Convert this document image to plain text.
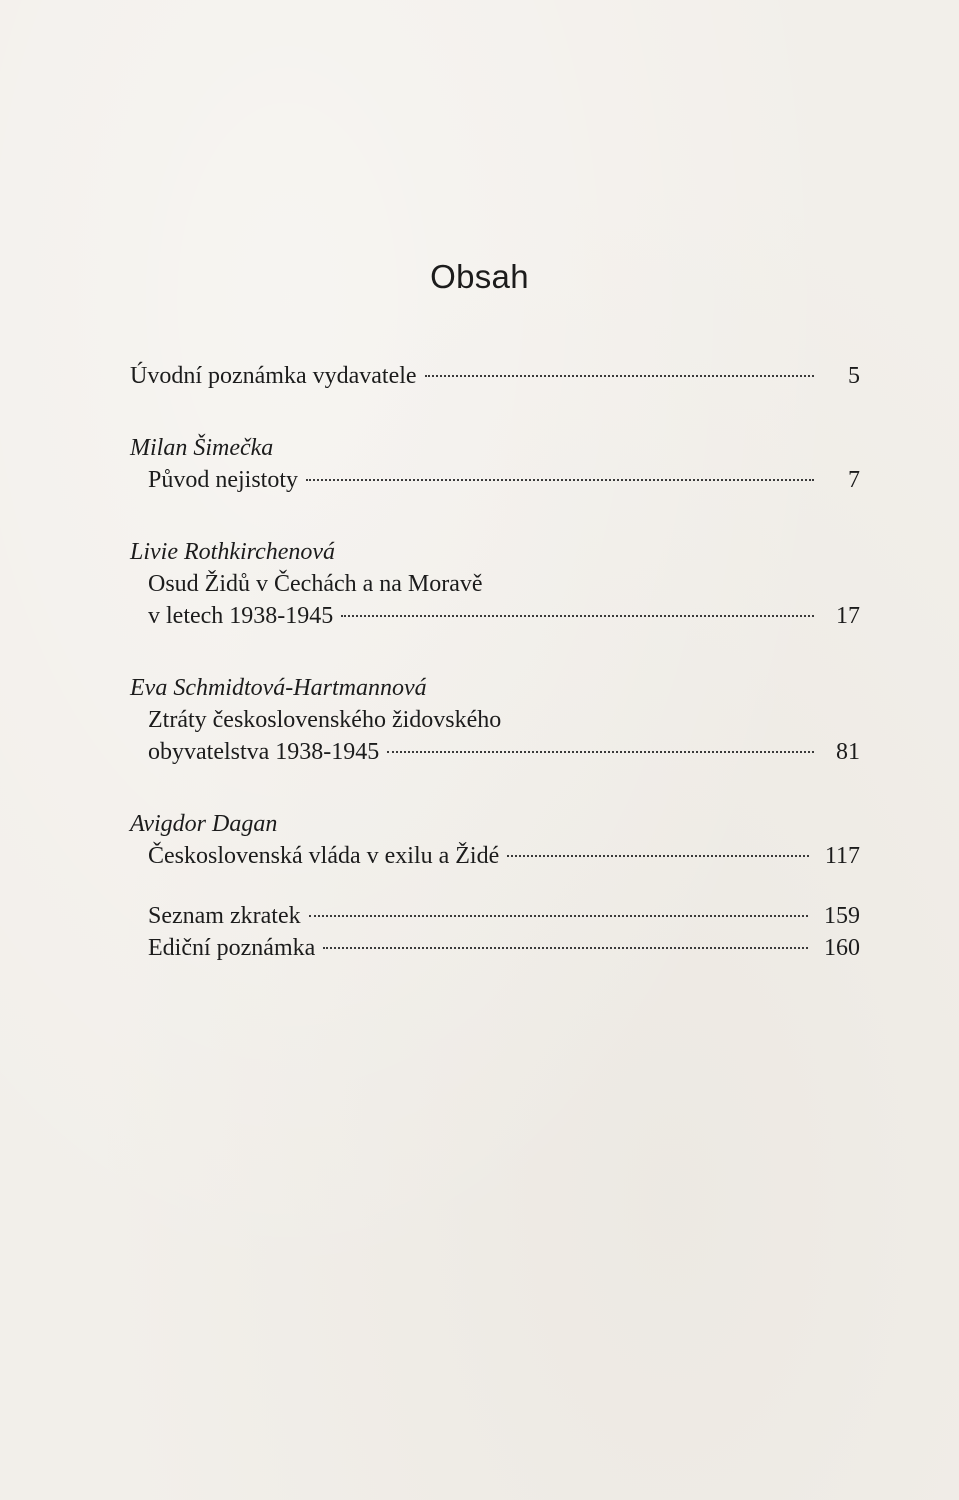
Obsah
Úvodní poznámka vydavatele	5
Milan Šimečka
Původ nejistoty	7
Livie Rothkirchenová
Osud Židů v Čechách a na Moravě
v letech 1938-1945	17
Eva Schmidtová-Hartmannová
Ztráty československého židovského
obyvatelstva 1938-1945	81
Avigdor Dagan
Československá vláda v exilu a Židé	117
Seznam zkratek	159
Ediční poznámka	160
